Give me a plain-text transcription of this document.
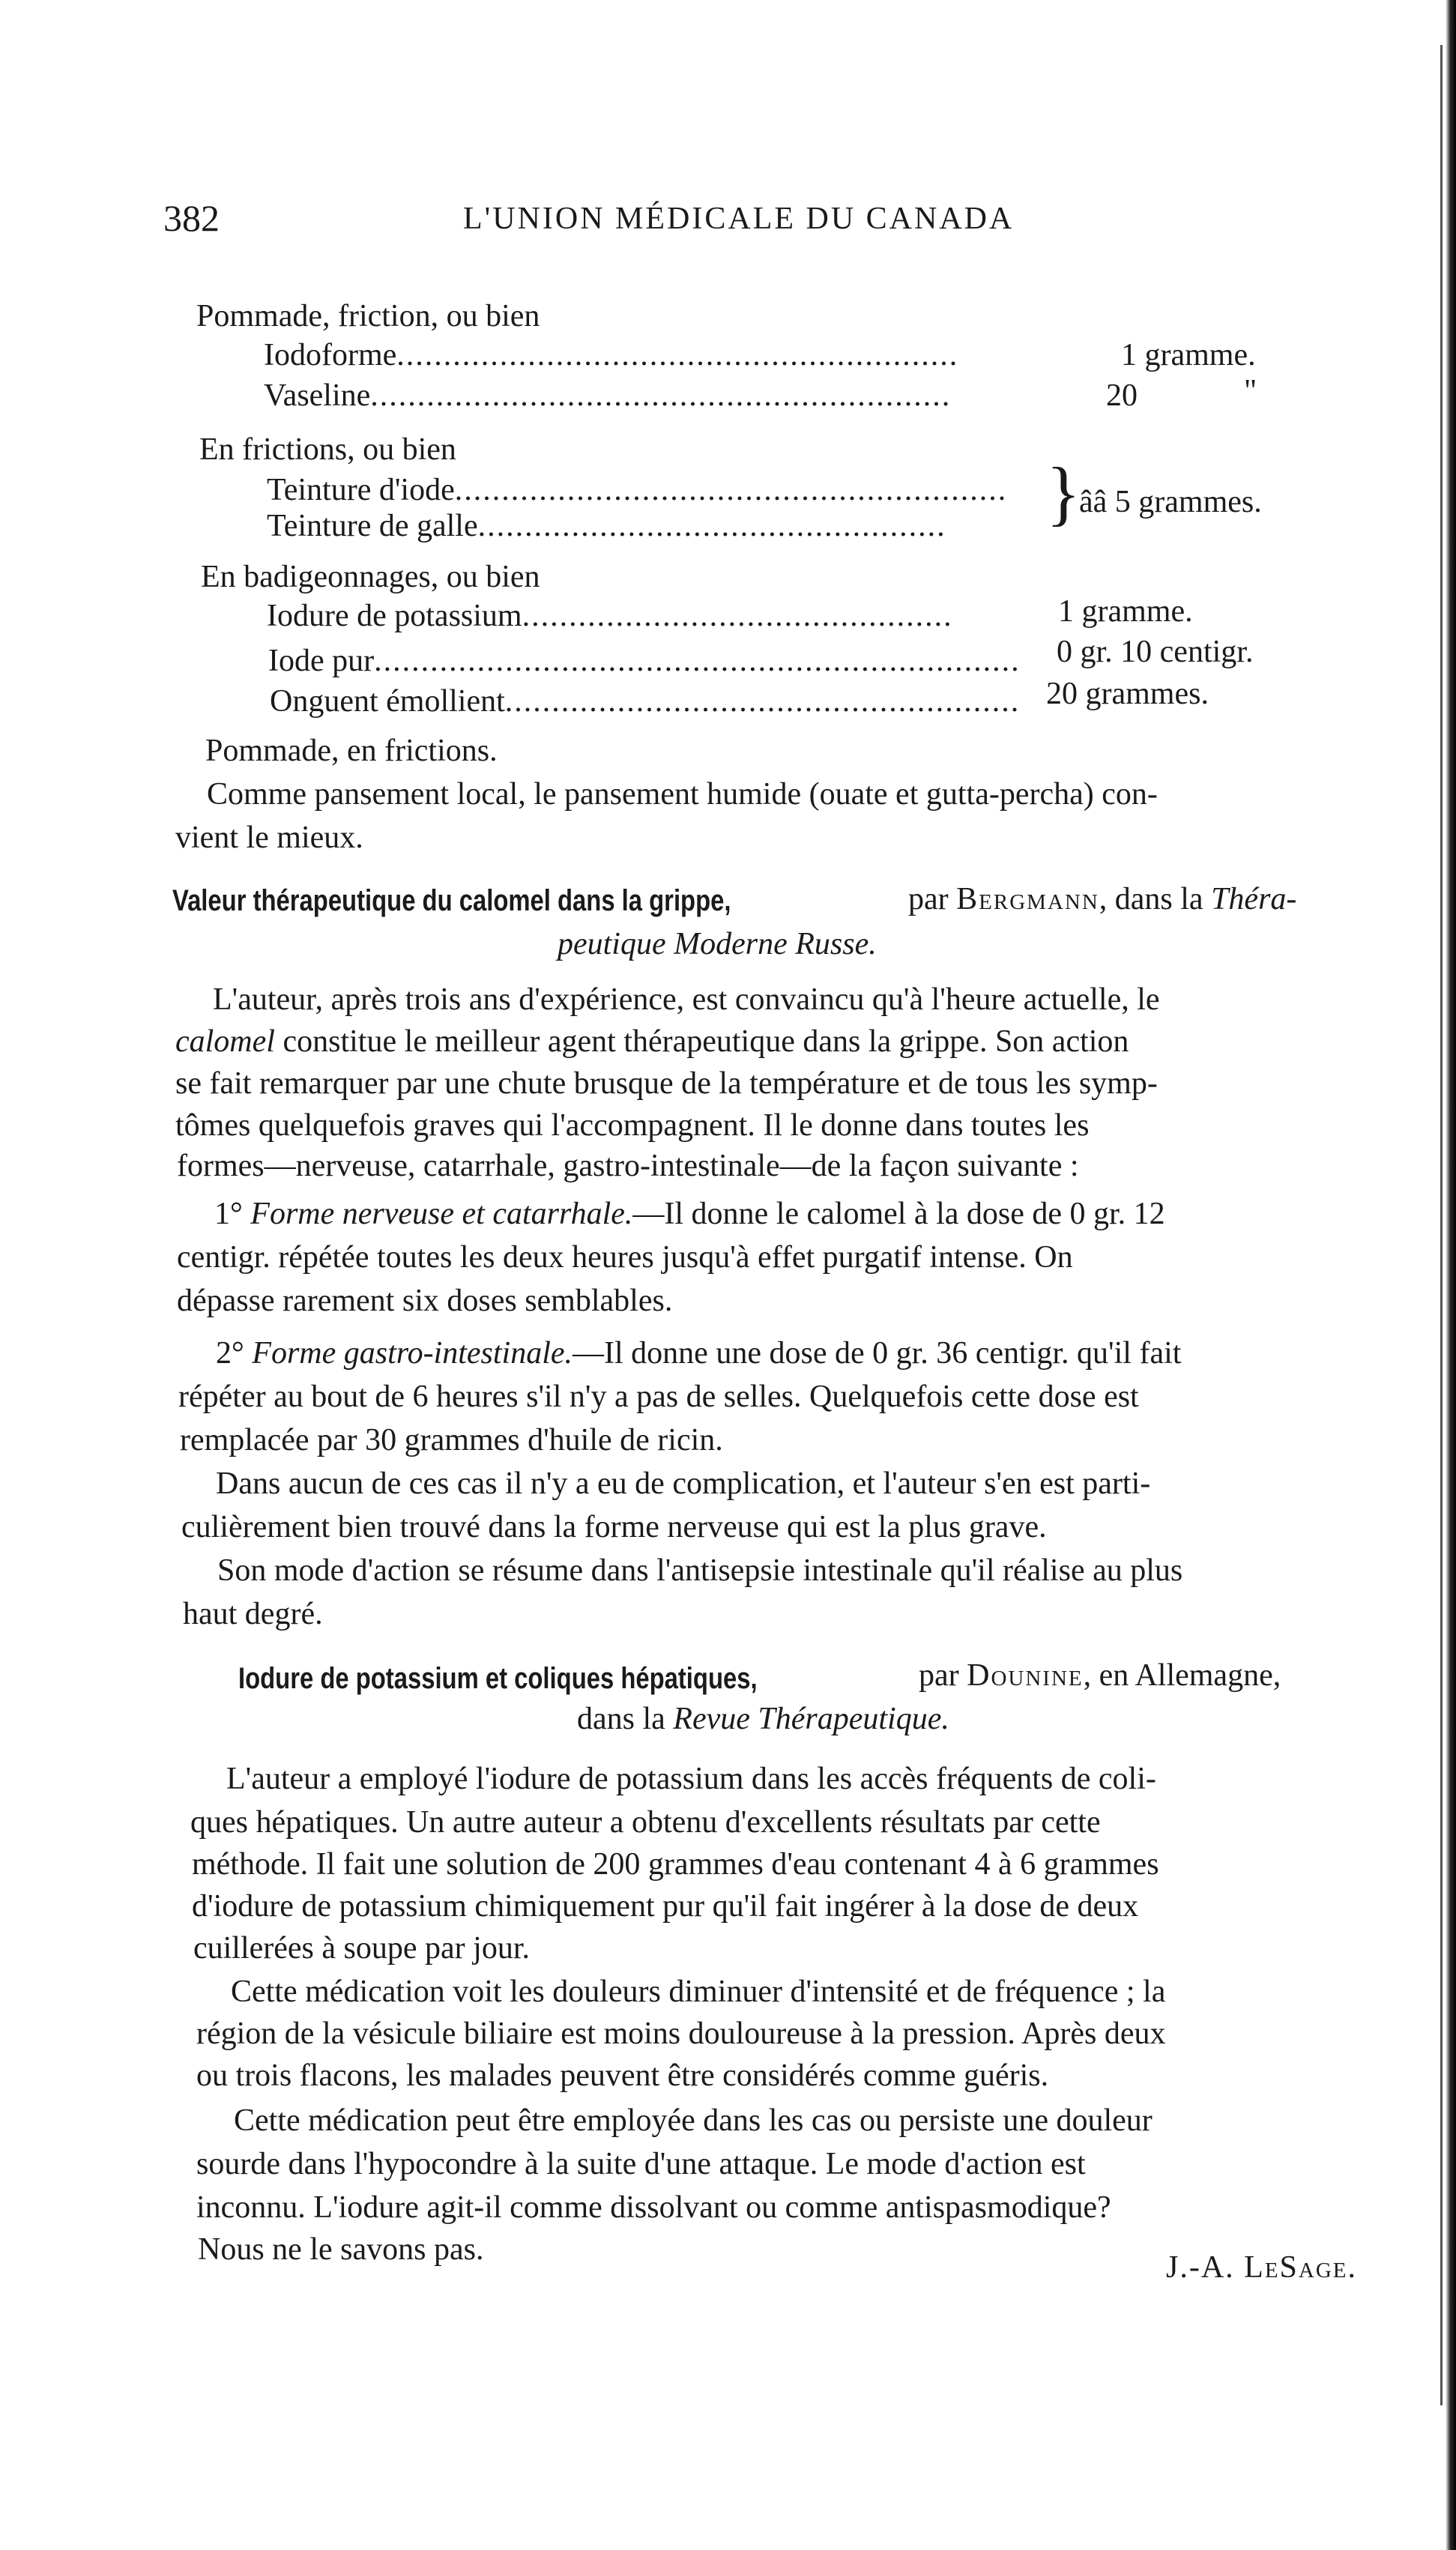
382	L'UNION MÉDICALE DU CANADA
Pommade, friction, ou bien
Iodoforme............................................................	1 gramme.
Vaseline..............................................................	20	"
En frictions, ou bien
Teinture d'iode...........................................................
Teinture de galle.................................................. }
ââ 5 grammes.
En badigeonnages, ou bien
Iodure de potassium..............................................	1 gramme.
Iode pur..................................................................... 0 gr. 10 centigr.
Onguent émollient....................................................... 20 grammes.
Pommade, en frictions.
Comme pansement local, le pansement humide (ouate et gutta-percha) con-
vient le mieux.
Valeur thérapeutique du calomel dans la grippe,	par Bergmann, dans la Théra-
peutique Moderne Russe.
L'auteur, après trois ans d'expérience, est convaincu qu'à l'heure actuelle, le
calomel constitue le meilleur agent thérapeutique dans la grippe. Son action
se fait remarquer par une chute brusque de la température et de tous les symp-
tômes quelquefois graves qui l'accompagnent. Il le donne dans toutes les
formes—nerveuse, catarrhale, gastro-intestinale—de la façon suivante :
1° Forme nerveuse et catarrhale.—Il donne le calomel à la dose de 0 gr. 12
centigr. répétée toutes les deux heures jusqu'à effet purgatif intense. On
dépasse rarement six doses semblables.
2° Forme gastro-intestinale.—Il donne une dose de 0 gr. 36 centigr. qu'il fait
répéter au bout de 6 heures s'il n'y a pas de selles. Quelquefois cette dose est
remplacée par 30 grammes d'huile de ricin.
Dans aucun de ces cas il n'y a eu de complication, et l'auteur s'en est parti-
culièrement bien trouvé dans la forme nerveuse qui est la plus grave.
Son mode d'action se résume dans l'antisepsie intestinale qu'il réalise au plus
haut degré.
Iodure de potassium et coliques hépatiques,	par Dounine, en Allemagne,
dans la Revue Thérapeutique.
L'auteur a employé l'iodure de potassium dans les accès fréquents de coli-
ques hépatiques. Un autre auteur a obtenu d'excellents résultats par cette
méthode. Il fait une solution de 200 grammes d'eau contenant 4 à 6 grammes
d'iodure de potassium chimiquement pur qu'il fait ingérer à la dose de deux
cuillerées à soupe par jour.
Cette médication voit les douleurs diminuer d'intensité et de fréquence ; la
région de la vésicule biliaire est moins douloureuse à la pression. Après deux
ou trois flacons, les malades peuvent être considérés comme guéris.
Cette médication peut être employée dans les cas ou persiste une douleur
sourde dans l'hypocondre à la suite d'une attaque. Le mode d'action est
inconnu. L'iodure agit-il comme dissolvant ou comme antispasmodique?
Nous ne le savons pas.
J.-A. LeSage.
